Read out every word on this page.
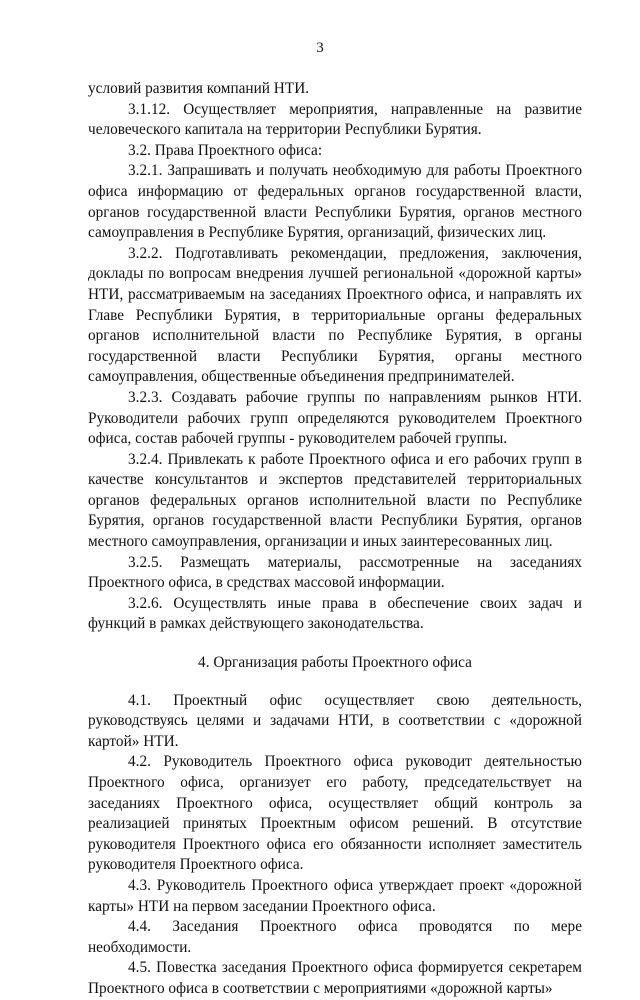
3

условий развития компаний НТИ.

3.1.12. Осуществляет мероприятия, направленные на развитие человеческого капитала на территории Республики Бурятия.

3.2. Права Проектного офиса:

3.2.1. Запрашивать и получать необходимую для работы Проектного офиса информацию от федеральных органов государственной власти, органов государственной власти Республики Бурятия, органов местного самоуправления в Республике Бурятия, организаций, физических лиц.

3.2.2. Подготавливать рекомендации, предложения, заключения, доклады по вопросам внедрения лучшей региональной «дорожной карты» НТИ, рассматриваемым на заседаниях Проектного офиса, и направлять их Главе Республики Бурятия, в территориальные органы федеральных органов исполнительной власти по Республике Бурятия, в органы государственной власти Республики Бурятия, органы местного самоуправления, общественные объединения предпринимателей.

3.2.3. Создавать рабочие группы по направлениям рынков НТИ. Руководители рабочих групп определяются руководителем Проектного офиса, состав рабочей группы - руководителем рабочей группы.

3.2.4. Привлекать к работе Проектного офиса и его рабочих групп в качестве консультантов и экспертов представителей территориальных органов федеральных органов исполнительной власти по Республике Бурятия, органов государственной власти Республики Бурятия, органов местного самоуправления, организации и иных заинтересованных лиц.

3.2.5. Размещать материалы, рассмотренные на заседаниях Проектного офиса, в средствах массовой информации.

3.2.6. Осуществлять иные права в обеспечение своих задач и функций в рамках действующего законодательства.

4. Организация работы Проектного офиса

4.1. Проектный офис осуществляет свою деятельность, руководствуясь целями и задачами НТИ, в соответствии с «дорожной картой» НТИ.

4.2. Руководитель Проектного офиса руководит деятельностью Проектного офиса, организует его работу, председательствует на заседаниях Проектного офиса, осуществляет общий контроль за реализацией принятых Проектным офисом решений. В отсутствие руководителя Проектного офиса его обязанности исполняет заместитель руководителя Проектного офиса.

4.3. Руководитель Проектного офиса утверждает проект «дорожной карты» НТИ на первом заседании Проектного офиса.

4.4. Заседания Проектного офиса проводятся по мере необходимости.

4.5. Повестка заседания Проектного офиса формируется секретарем Проектного офиса в соответствии с мероприятиями «дорожной карты»
